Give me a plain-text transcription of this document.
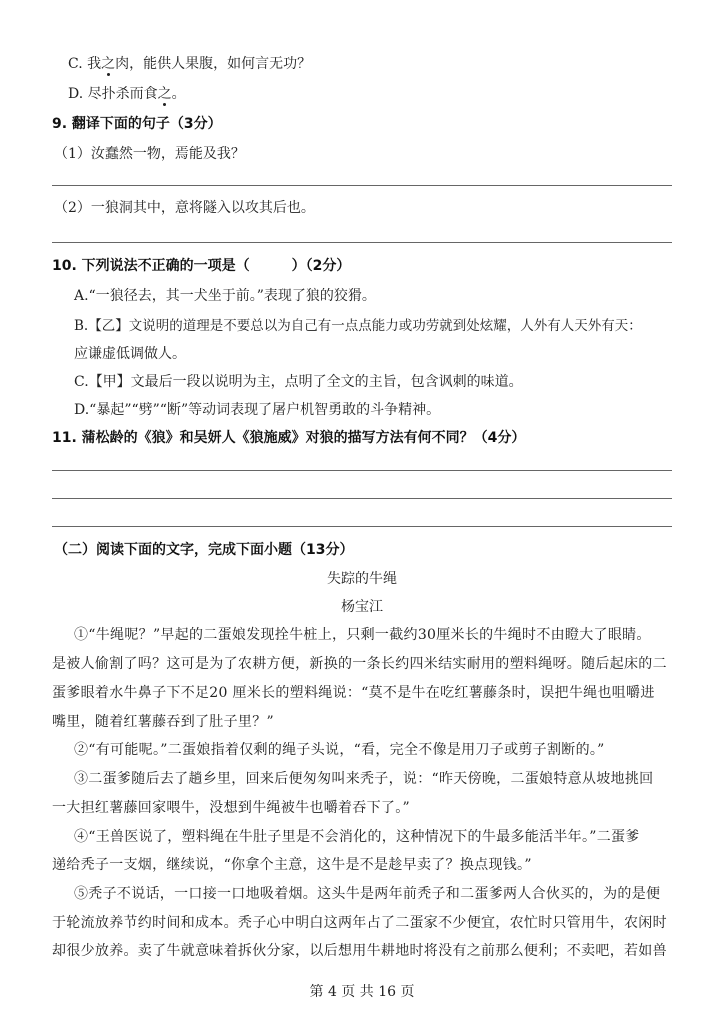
C. 我之肉，能供人果腹，如何言无功？
D. 尽扑杀而食之。
9. 翻译下面的句子（3分）
（1）汝蠢然一物，焉能及我？
（2）一狼洞其中，意将隧入以攻其后也。
10. 下列说法不正确的一项是（　　　）（2分）
A.“一狼径去，其一犬坐于前。”表现了狼的狡猾。
B.【乙】文说明的道理是不要总以为自己有一点点能力或功劳就到处炫耀，人外有人天外有天：
应谦虚低调做人。
C.【甲】文最后一段以说明为主，点明了全文的主旨，包含讽刺的味道。
D.“暴起”“劈”“断”等动词表现了屠户机智勇敢的斗争精神。
11. 蒲松龄的《狼》和吴妍人《狼施威》对狼的描写方法有何不同？（4分）
（二）阅读下面的文字，完成下面小题（13分）
失踪的牛绳
杨宝江
①“牛绳呢？”早起的二蛋娘发现拴牛桩上，只剩一截约30厘米长的牛绳时不由瞪大了眼睛。
是被人偷割了吗？这可是为了农耕方便，新换的一条长约四米结实耐用的塑料绳呀。随后起床的二
蛋爹眼着水牛鼻子下不足20 厘米长的塑料绳说：“莫不是牛在吃红薯藤条时，误把牛绳也咀嚼进
嘴里，随着红薯藤吞到了肚子里？”
②“有可能呢。”二蛋娘指着仅剩的绳子头说，“看，完全不像是用刀子或剪子割断的。”
③二蛋爹随后去了趟乡里，回来后便匆匆叫来秃子，说：“昨天傍晚，二蛋娘特意从坡地挑回
一大担红薯藤回家喂牛，没想到牛绳被牛也嚼着吞下了。”
④“王兽医说了，塑料绳在牛肚子里是不会消化的，这种情况下的牛最多能活半年。”二蛋爹
递给秃子一支烟，继续说，“你拿个主意，这牛是不是趁早卖了？换点现钱。”
⑤秃子不说话，一口接一口地吸着烟。这头牛是两年前秃子和二蛋爹两人合伙买的，为的是便
于轮流放养节约时间和成本。秃子心中明白这两年占了二蛋家不少便宜，农忙时只管用牛，农闲时
却很少放养。卖了牛就意味着拆伙分家，以后想用牛耕地时将没有之前那么便利；不卖吧，若如兽
第 4 页 共 16 页
